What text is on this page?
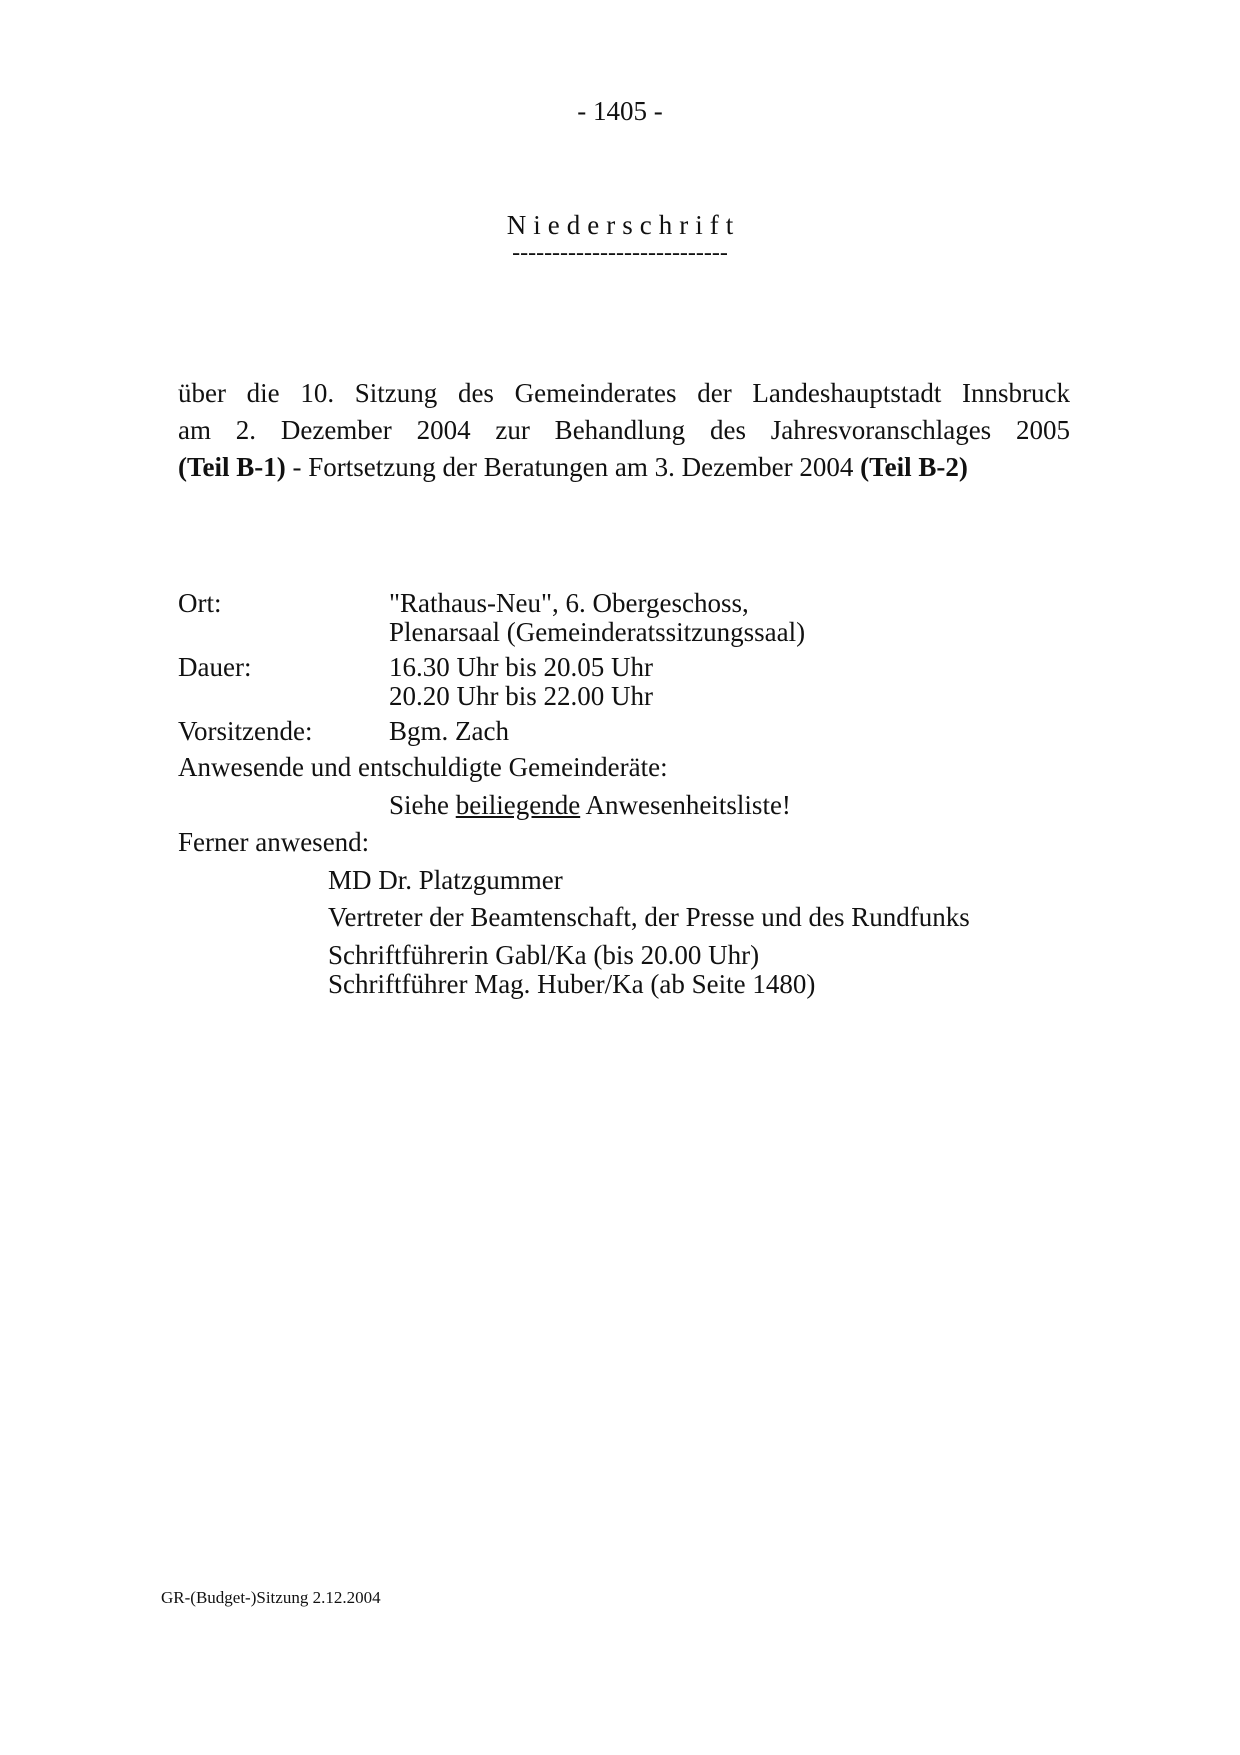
- 1405 -
Niederschrift
---------------------------
über die 10. Sitzung des Gemeinderates der Landeshauptstadt Innsbruck
am 2. Dezember 2004 zur Behandlung des Jahresvoranschlages 2005
(Teil B-1) - Fortsetzung der Beratungen am 3. Dezember 2004 (Teil B-2)
Ort:	"Rathaus-Neu", 6. Obergeschoss,
Plenarsaal (Gemeinderatssitzungssaal)
Dauer:	16.30 Uhr bis 20.05 Uhr
20.20 Uhr bis 22.00 Uhr
Vorsitzende:	Bgm. Zach
Anwesende und entschuldigte Gemeinderäte:
Siehe beiliegende Anwesenheitsliste!
Ferner anwesend:
MD Dr. Platzgummer
Vertreter der Beamtenschaft, der Presse und des Rundfunks
Schriftführerin Gabl/Ka (bis 20.00 Uhr)
Schriftführer Mag. Huber/Ka (ab Seite 1480)
GR-(Budget-)Sitzung 2.12.2004
